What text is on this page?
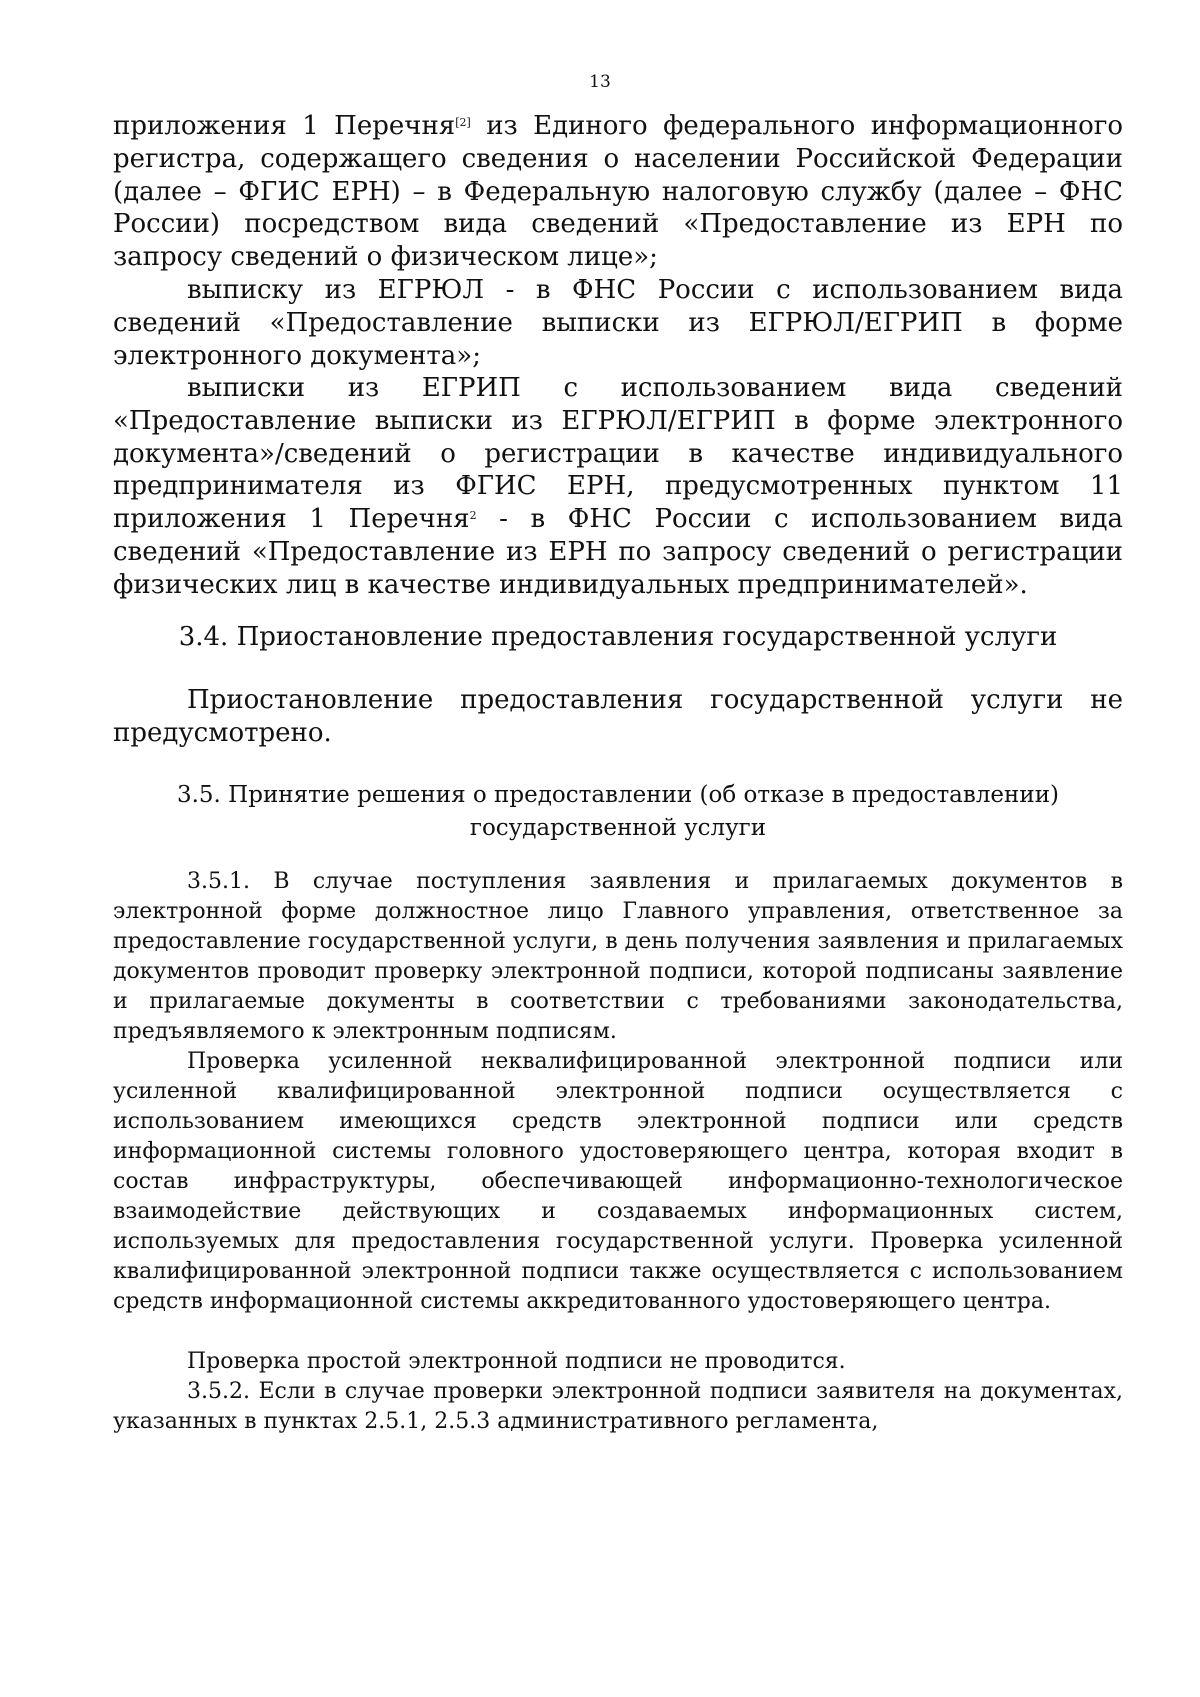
13

приложения 1 Перечня[2] из Единого федерального информационного регистра, содержащего сведения о населении Российской Федерации (далее – ФГИС ЕРН) – в Федеральную налоговую службу (далее – ФНС России) посредством вида сведений «Предоставление из ЕРН по запросу сведений о физическом лице»;

выписку из ЕГРЮЛ - в ФНС России с использованием вида сведений «Предоставление выписки из ЕГРЮЛ/ЕГРИП в форме электронного документа»;

выписки из ЕГРИП с использованием вида сведений «Предоставление выписки из ЕГРЮЛ/ЕГРИП в форме электронного документа»/сведений о регистрации в качестве индивидуального предпринимателя из ФГИС ЕРН, предусмотренных пунктом 11 приложения 1 Перечня$^2$ - в ФНС России с использованием вида сведений «Предоставление из ЕРН по запросу сведений о регистрации физических лиц в качестве индивидуальных предпринимателей».

3.4. Приостановление предоставления государственной услуги

Приостановление предоставления государственной услуги не предусмотрено.

3.5. Принятие решения о предоставлении (об отказе в предоставлении)
государственной услуги

3.5.1. В случае поступления заявления и прилагаемых документов в электронной форме должностное лицо Главного управления, ответственное за предоставление государственной услуги, в день получения заявления и прилагаемых документов проводит проверку электронной подписи, которой подписаны заявление и прилагаемые документы в соответствии с требованиями законодательства, предъявляемого к электронным подписям.

Проверка усиленной неквалифицированной электронной подписи или усиленной квалифицированной электронной подписи осуществляется с использованием имеющихся средств электронной подписи или средств информационной системы головного удостоверяющего центра, которая входит в состав инфраструктуры, обеспечивающей информационно-технологическое взаимодействие действующих и создаваемых информационных систем, используемых для предоставления государственной услуги. Проверка усиленной квалифицированной электронной подписи также осуществляется с использованием средств информационной системы аккредитованного удостоверяющего центра.

Проверка простой электронной подписи не проводится.

3.5.2. Если в случае проверки электронной подписи заявителя на документах, указанных в пунктах 2.5.1, 2.5.3 административного регламента,
